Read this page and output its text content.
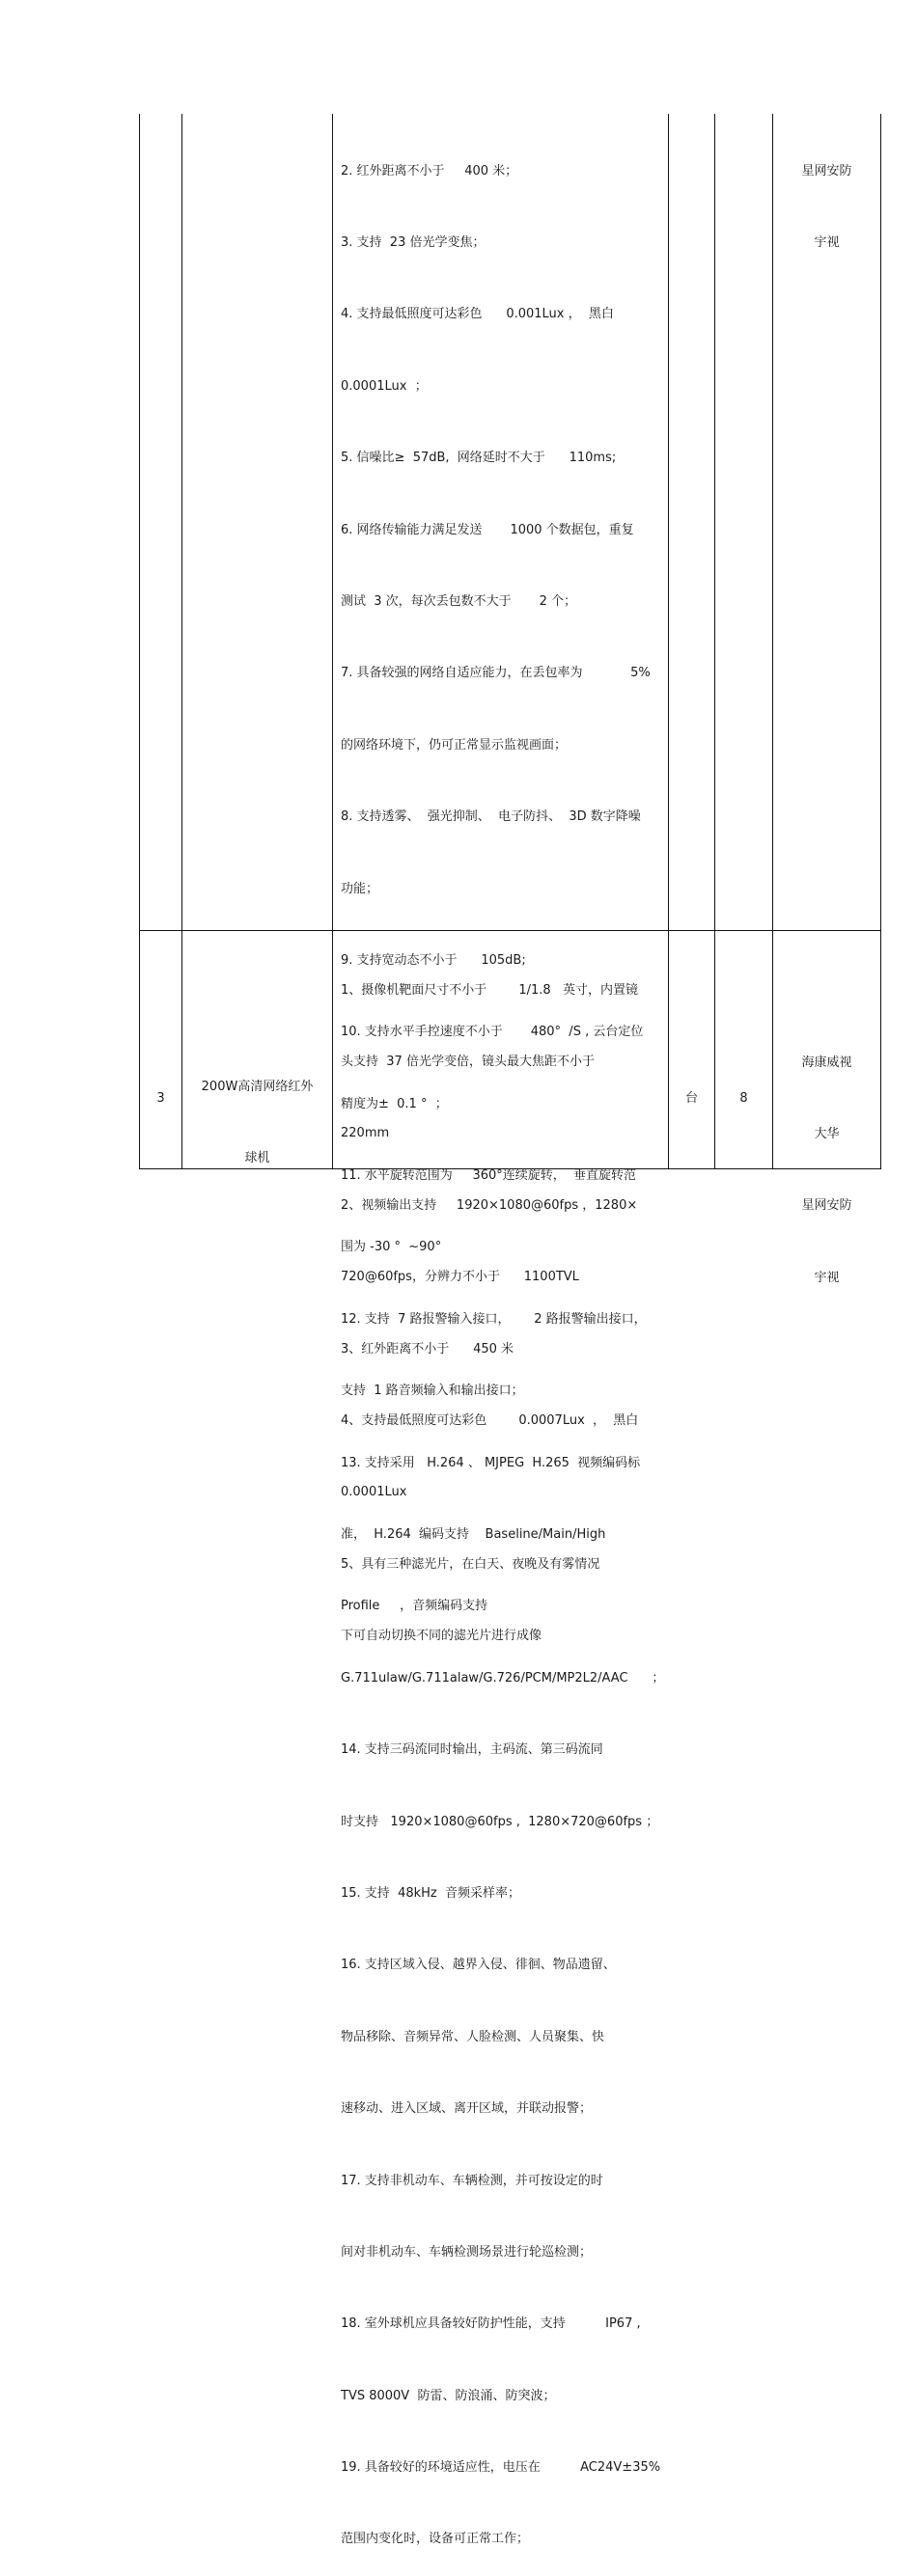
2. 红外距离不小于     400 米；

3. 支持  23 倍光学变焦；

4. 支持最低照度可达彩色      0.001Lux ，  黑白

0.0001Lux  ；

5. 信噪比≥  57dB,  网络延时不大于      110ms;

6. 网络传输能力满足发送       1000 个数据包，重复

测试  3 次，每次丢包数不大于       2 个；

7. 具备较强的网络自适应能力，在丢包率为            5%

的网络环境下，仍可正常显示监视画面；

8. 支持透雾、  强光抑制、  电子防抖、  3D 数字降噪

功能；

9. 支持宽动态不小于      105dB;

10. 支持水平手控速度不小于       480°  /S , 云台定位

精度为±  0.1 °  ；

11. 水平旋转范围为     360°连续旋转，  垂直旋转范

围为 -30 °  ~90°

12. 支持  7 路报警输入接口，      2 路报警输出接口，

支持  1 路音频输入和输出接口；

13. 支持采用   H.264 、 MJPEG  H.265  视频编码标

准，  H.264  编码支持    Baseline/Main/High

Profile     ，音频编码支持

G.711ulaw/G.711alaw/G.726/PCM/MP2L2/AAC      ；

14. 支持三码流同时输出，主码流、第三码流同

时支持   1920×1080@60fps ,  1280×720@60fps ；

15. 支持  48kHz  音频采样率；

16. 支持区域入侵、越界入侵、徘徊、物品遗留、

物品移除、音频异常、人脸检测、人员聚集、快

速移动、进入区域、离开区域，并联动报警；

17. 支持非机动车、车辆检测，并可按设定的时

间对非机动车、车辆检测场景进行轮巡检测；

18. 室外球机应具备较好防护性能，支持          IP67 ,

TVS 8000V  防雷、防浪涌、防突波；

19. 具备较好的环境适应性，电压在          AC24V±35%

范围内变化时，设备可正常工作；

星网安防

宇视

3

200W高清网络红外

球机

1、摄像机靶面尺寸不小于        1/1.8   英寸，内置镜

头支持  37 倍光学变倍，镜头最大焦距不小于

220mm

2、视频输出支持     1920×1080@60fps ，1280×

720@60fps，分辨力不小于      1100TVL

3、红外距离不小于      450 米

4、支持最低照度可达彩色        0.0007Lux  ，  黑白

0.0001Lux

5、具有三种滤光片，在白天、夜晚及有雾情况

下可自动切换不同的滤光片进行成像

台

	8

海康威视

大华

星网安防

宇视
